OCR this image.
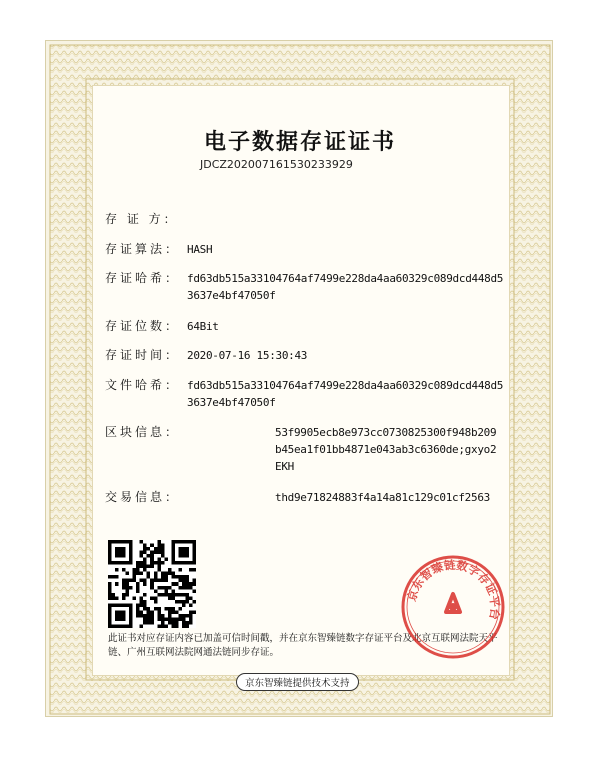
电子数据存证证书
JDCZ202007161530233929
存 证 方：
存证算法： HASH
存证哈希： fd63db515a33104764af7499e228da4aa60329c089dcd448d53637e4bf47050f
存证位数： 64Bit
存证时间： 2020-07-16 15:30:43
文件哈希： fd63db515a33104764af7499e228da4aa60329c089dcd448d53637e4bf47050f
区块信息：	53f9905ecb8e973cc0730825300f948b209b45ea1f01bb4871e043ab3c6360de;gxyo2EKH
交易信息：	thd9e71824883f4a14a81c129c01cf2563
此证书对应存证内容已加盖可信时间戳，并在京东智臻链数字存证平台及北京互联网法院天平链、广州互联网法院网通法链同步存证。
京东智臻链提供技术支持
京东智臻链数字存证平台
